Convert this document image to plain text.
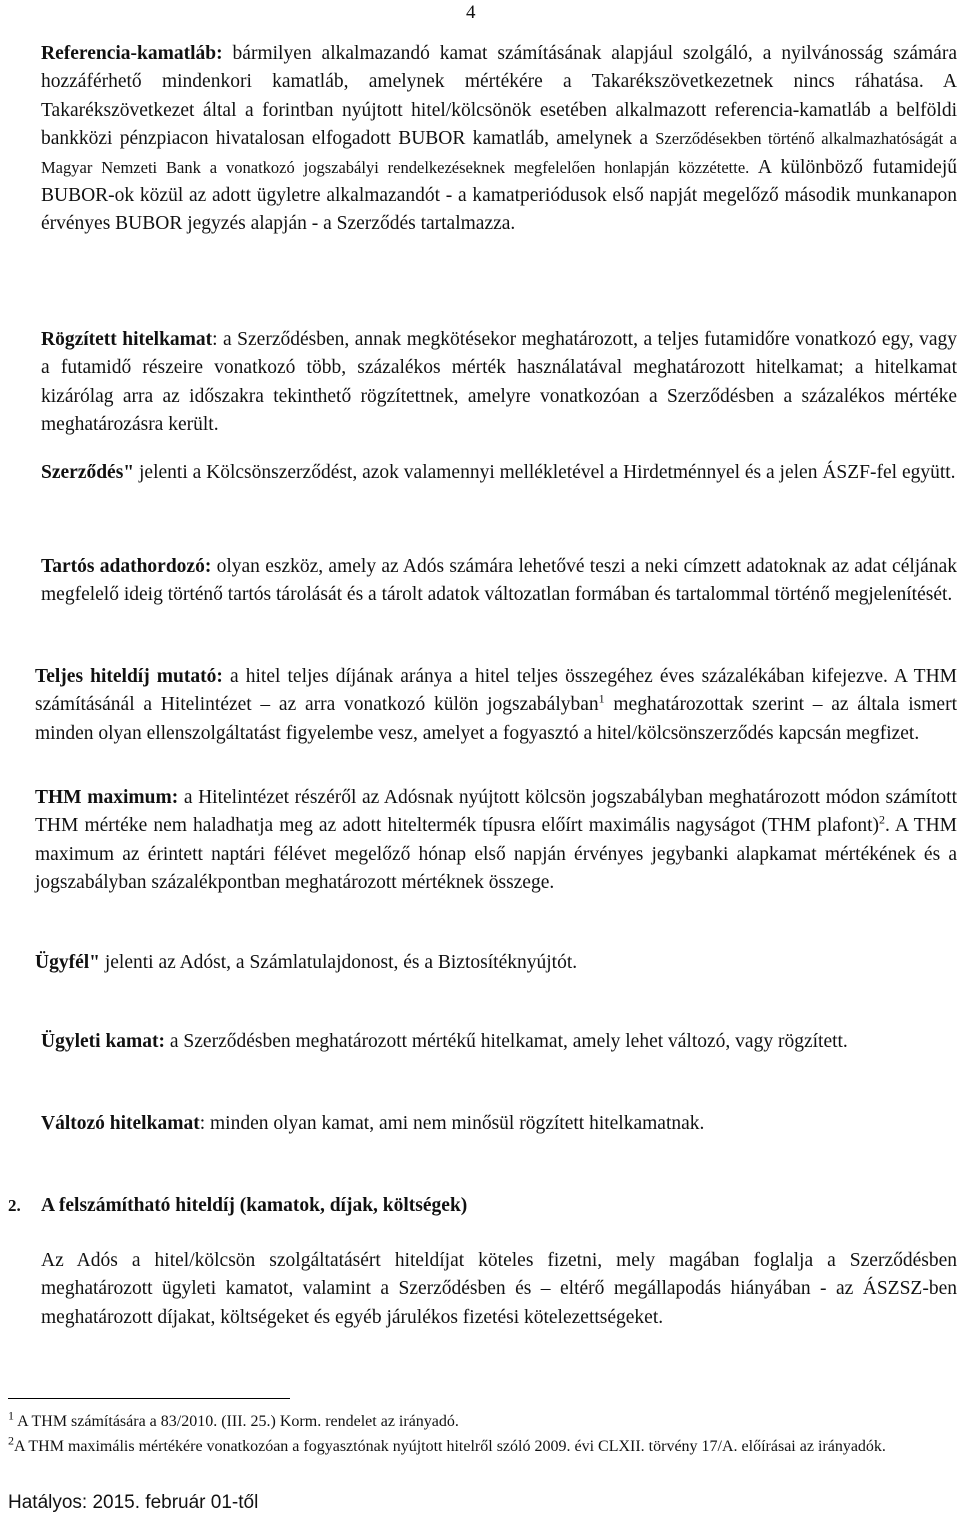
4

Referencia-kamatláb: bármilyen alkalmazandó kamat számításának alapjául szolgáló, a nyilvánosság számára hozzáférhető mindenkori kamatláb, amelynek mértékére a Takarékszövetkezetnek nincs ráhatása. A Takarékszövetkezet által a forintban nyújtott hitel/kölcsönök esetében alkalmazott referencia-kamatláb a belföldi bankközi pénzpiacon hivatalosan elfogadott BUBOR kamatláb, amelynek a Szerződésekben történő alkalmazhatóságát a Magyar Nemzeti Bank a vonatkozó jogszabályi rendelkezéseknek megfelelően honlapján közzétette. A különböző futamidejű BUBOR-ok közül az adott ügyletre alkalmazandót - a kamatperiódusok első napját megelőző második munkanapon érvényes BUBOR jegyzés alapján - a Szerződés tartalmazza.

Rögzített hitelkamat: a Szerződésben, annak megkötésekor meghatározott, a teljes futamidőre vonatkozó egy, vagy a futamidő részeire vonatkozó több, százalékos mérték használatával meghatározott hitelkamat; a hitelkamat kizárólag arra az időszakra tekinthető rögzítettnek, amelyre vonatkozóan a Szerződésben a százalékos mértéke meghatározásra került.

Szerződés" jelenti a Kölcsönszerződést, azok valamennyi mellékletével a Hirdetménnyel és a jelen ÁSZF-fel együtt.

Tartós adathordozó: olyan eszköz, amely az Adós számára lehetővé teszi a neki címzett adatoknak az adat céljának megfelelő ideig történő tartós tárolását és a tárolt adatok változatlan formában és tartalommal történő megjelenítését.

Teljes hiteldíj mutató: a hitel teljes díjának aránya a hitel teljes összegéhez éves százalékában kifejezve. A THM számításánál a Hitelintézet – az arra vonatkozó külön jogszabályban$^1$ meghatározottak szerint – az általa ismert minden olyan ellenszolgáltatást figyelembe vesz, amelyet a fogyasztó a hitel/kölcsönszerződés kapcsán megfizet.

THM maximum: a Hitelintézet részéről az Adósnak nyújtott kölcsön jogszabályban meghatározott módon számított THM mértéke nem haladhatja meg az adott hiteltermék típusra előírt maximális nagyságot (THM plafont)$^2$. A THM maximum az érintett naptári félévet megelőző hónap első napján érvényes jegybanki alapkamat mértékének és a jogszabályban százalékpontban meghatározott mértéknek összege.

Ügyfél" jelenti az Adóst, a Számlatulajdonost, és a Biztosítéknyújtót.

Ügyleti kamat: a Szerződésben meghatározott mértékű hitelkamat, amely lehet változó, vagy rögzített.

Változó hitelkamat: minden olyan kamat, ami nem minősül rögzített hitelkamatnak.

2. A felszámítható hiteldíj (kamatok, díjak, költségek)

Az Adós a hitel/kölcsön szolgáltatásért hiteldíjat köteles fizetni, mely magában foglalja a Szerződésben meghatározott ügyleti kamatot, valamint a Szerződésben és – eltérő megállapodás hiányában - az ÁSZSZ-ben meghatározott díjakat, költségeket és egyéb járulékos fizetési kötelezettségeket.

$^1$ A THM számítására a 83/2010. (III. 25.) Korm. rendelet az irányadó.

$^2$A THM maximális mértékére vonatkozóan a fogyasztónak nyújtott hitelről szóló 2009. évi CLXII. törvény 17/A. előírásai az irányadók.

Hatályos: 2015. február 01-től
